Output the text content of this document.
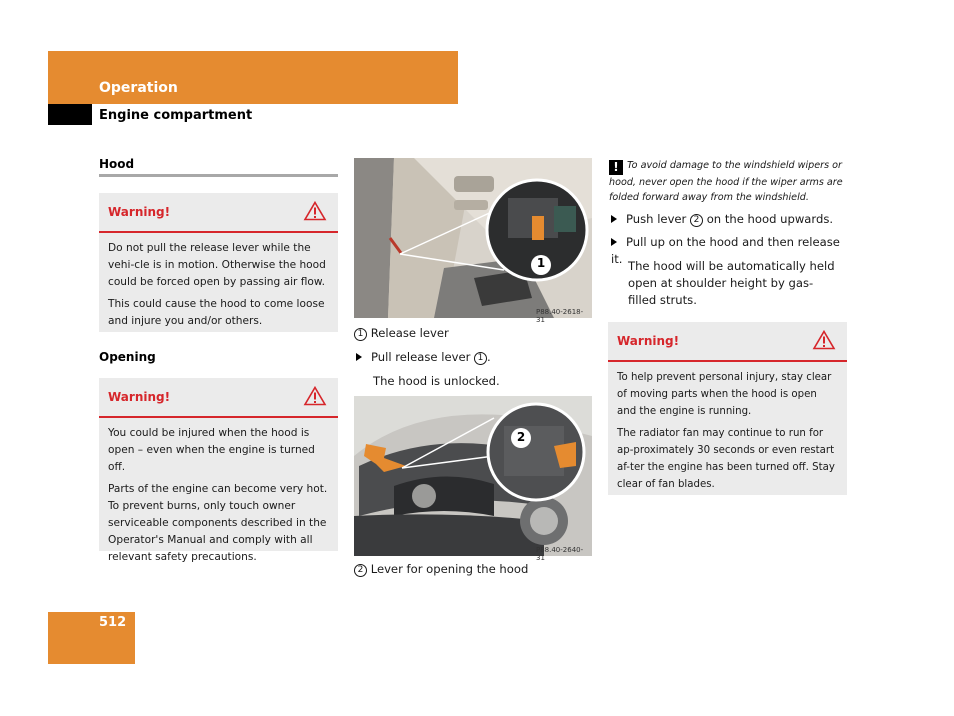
Operation
Engine compartment
Hood
Warning!

Do not pull the release lever while the vehi-cle is in motion. Otherwise the hood could be forced open by passing air flow.

This could cause the hood to come loose and injure you and/or others.

Opening
Warning!

You could be injured when the hood is open – even when the engine is turned off.

Parts of the engine can become very hot. To prevent burns, only touch owner serviceable components described in the Operator's Manual and comply with all relevant safety precautions.

1
P88.40-2618-31
1 Release lever
Pull release lever 1 .
The hood is unlocked.
2
P88.40-2640-31
2 Lever for opening the hood
! To avoid damage to the windshield wipers or hood, never open the hood if the wiper arms are folded forward away from the windshield.
Push lever 2 on the hood upwards.
Pull up on the hood and then release it. The hood will be automatically held open at shoulder height by gas-filled struts.
Warning!

To help prevent personal injury, stay clear of moving parts when the hood is open and the engine is running.

The radiator fan may continue to run for ap-proximately 30 seconds or even restart af-ter the engine has been turned off. Stay clear of fan blades.

512
